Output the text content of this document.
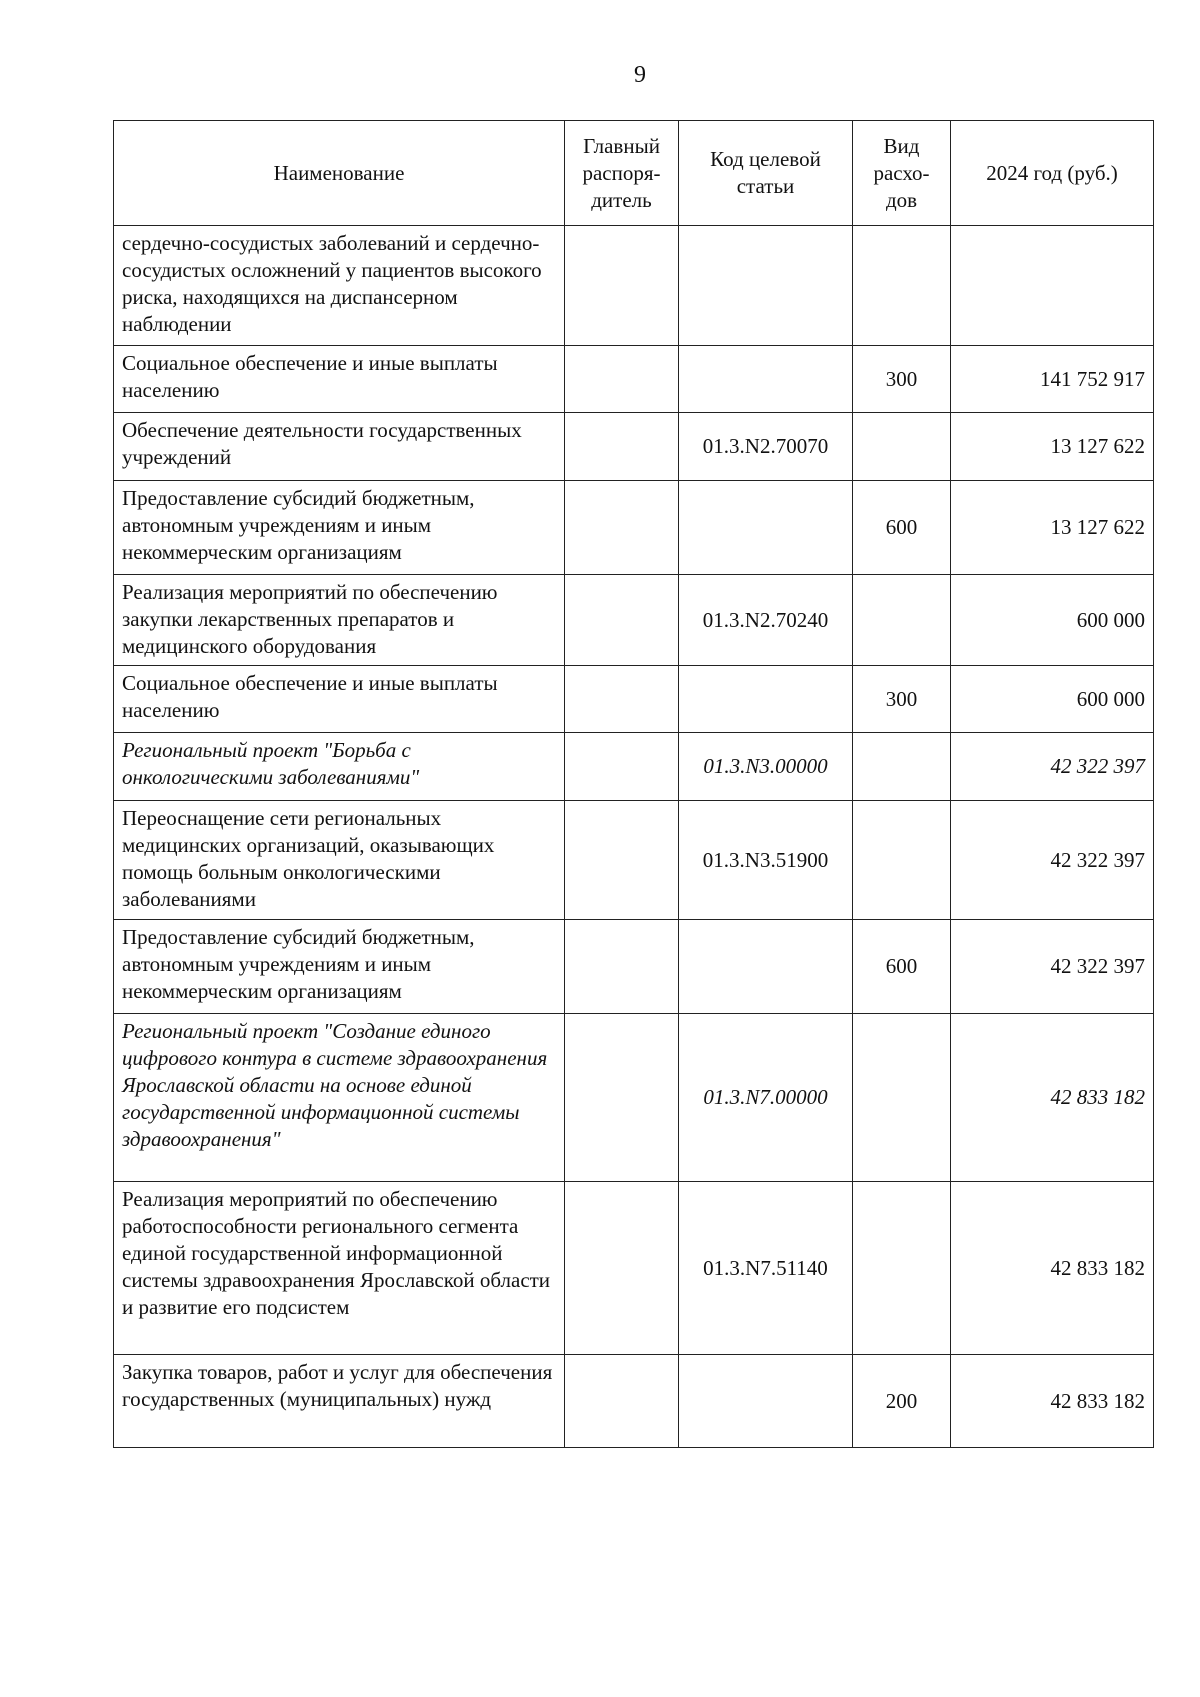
9
Наименование	Главный распоря-дитель	Код целевой статьи	Вид расхо-дов	2024 год (руб.)
сердечно-сосудистых заболеваний и сердечно-сосудистых осложнений у пациентов высокого риска, находящихся на диспансерном наблюдении				
Социальное обеспечение и иные выплаты населению			300	141 752 917
Обеспечение деятельности государственных учреждений		01.3.N2.70070		13 127 622
Предоставление субсидий бюджетным, автономным учреждениям и иным некоммерческим организациям			600	13 127 622
Реализация мероприятий по обеспечению закупки лекарственных препаратов и медицинского оборудования		01.3.N2.70240		600 000
Социальное обеспечение и иные выплаты населению			300	600 000
Региональный проект "Борьба с онкологическими заболеваниями"		01.3.N3.00000		42 322 397
Переоснащение сети региональных медицинских организаций, оказывающих помощь больным онкологическими заболеваниями		01.3.N3.51900		42 322 397
Предоставление субсидий бюджетным, автономным учреждениям и иным некоммерческим организациям			600	42 322 397
Региональный проект "Создание единого цифрового контура в системе здравоохранения Ярославской области на основе единой государственной информационной системы здравоохранения"		01.3.N7.00000		42 833 182
Реализация мероприятий по обеспечению работоспособности регионального сегмента единой государственной информационной системы здравоохранения Ярославской области и развитие его подсистем		01.3.N7.51140		42 833 182
Закупка товаров, работ и услуг для обеспечения государственных (муниципальных) нужд			200	42 833 182
